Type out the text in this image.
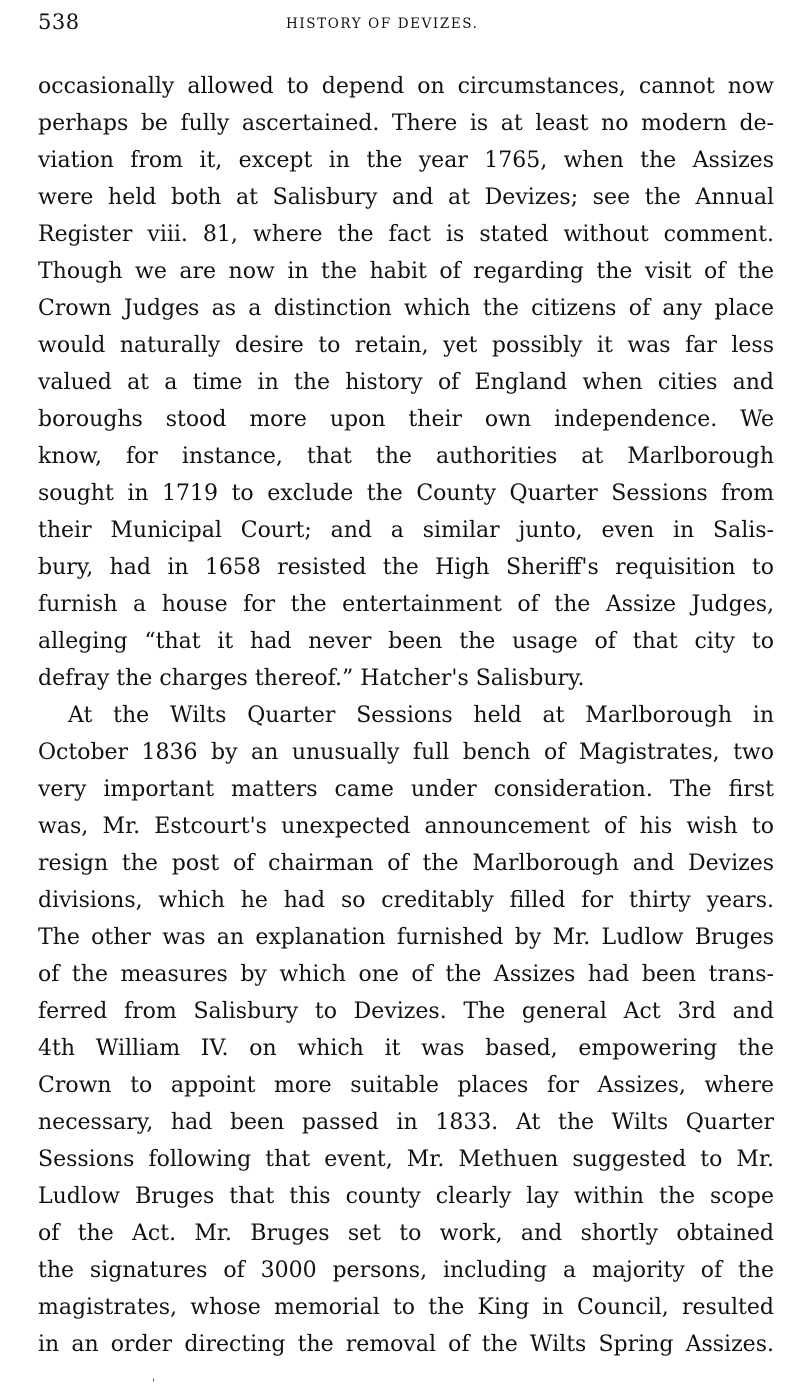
538	HISTORY OF DEVIZES.
occasionally allowed to depend on circumstances, cannot now
perhaps be fully ascertained. There is at least no modern de-
viation from it, except in the year 1765, when the Assizes
were held both at Salisbury and at Devizes; see the Annual
Register viii. 81, where the fact is stated without comment.
Though we are now in the habit of regarding the visit of the
Crown Judges as a distinction which the citizens of any place
would naturally desire to retain, yet possibly it was far less
valued at a time in the history of England when cities and
boroughs stood more upon their own independence. We
know, for instance, that the authorities at Marlborough
sought in 1719 to exclude the County Quarter Sessions from
their Municipal Court; and a similar junto, even in Salis-
bury, had in 1658 resisted the High Sheriff's requisition to
furnish a house for the entertainment of the Assize Judges,
alleging “that it had never been the usage of that city to
defray the charges thereof.” Hatcher's Salisbury.
At the Wilts Quarter Sessions held at Marlborough in
October 1836 by an unusually full bench of Magistrates, two
very important matters came under consideration. The first
was, Mr. Estcourt's unexpected announcement of his wish to
resign the post of chairman of the Marlborough and Devizes
divisions, which he had so creditably filled for thirty years.
The other was an explanation furnished by Mr. Ludlow Bruges
of the measures by which one of the Assizes had been trans-
ferred from Salisbury to Devizes. The general Act 3rd and
4th William IV. on which it was based, empowering the
Crown to appoint more suitable places for Assizes, where
necessary, had been passed in 1833. At the Wilts Quarter
Sessions following that event, Mr. Methuen suggested to Mr.
Ludlow Bruges that this county clearly lay within the scope
of the Act. Mr. Bruges set to work, and shortly obtained
the signatures of 3000 persons, including a majority of the
magistrates, whose memorial to the King in Council, resulted
in an order directing the removal of the Wilts Spring Assizes.
'
